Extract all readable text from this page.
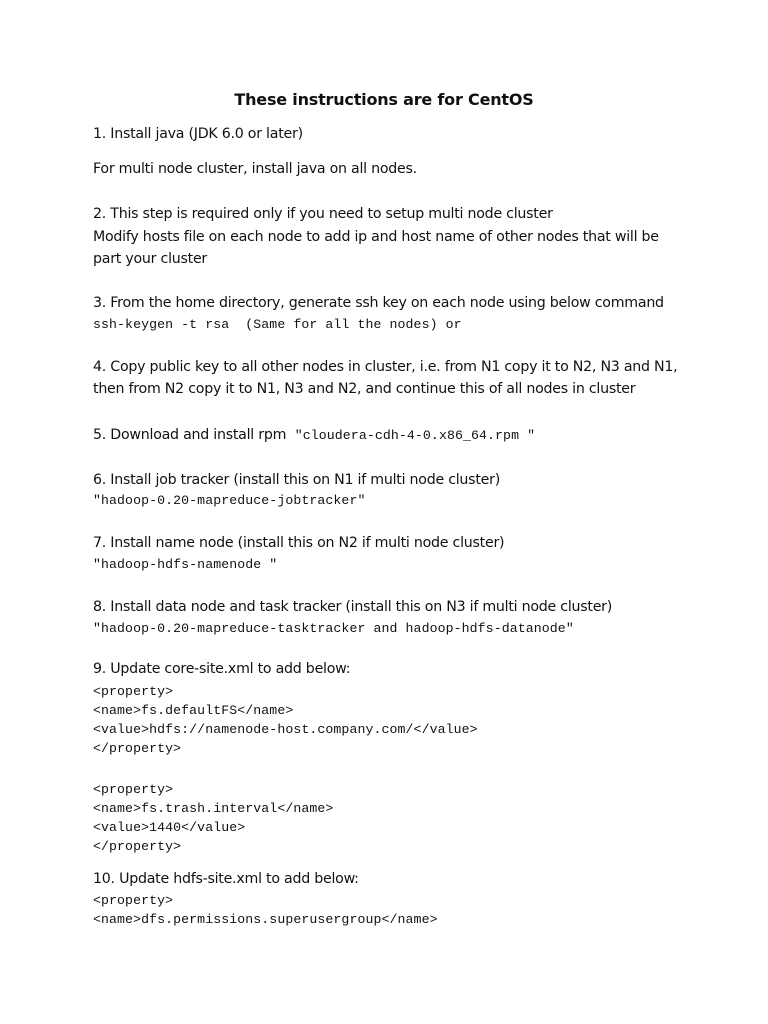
These instructions are for CentOS

1. Install java (JDK 6.0 or later)

For multi node cluster, install java on all nodes.

2. This step is required only if you need to setup multi node cluster

Modify hosts file on each node to add ip and host name of other nodes that will be

part your cluster

3. From the home directory, generate ssh key on each node using below command

ssh-keygen -t rsa  (Same for all the nodes) or

4. Copy public key to all other nodes in cluster, i.e. from N1 copy it to N2, N3 and N1,

then from N2 copy it to N1, N3 and N2, and continue this of all nodes in cluster

5. Download and install rpm "cloudera-cdh-4-0.x86_64.rpm "

6. Install job tracker (install this on N1 if multi node cluster)

"hadoop-0.20-mapreduce-jobtracker"

7. Install name node (install this on N2 if multi node cluster)

"hadoop-hdfs-namenode "

8. Install data node and task tracker (install this on N3 if multi node cluster)

"hadoop-0.20-mapreduce-tasktracker and hadoop-hdfs-datanode"

9. Update core-site.xml to add below:

<property>

<name>fs.defaultFS</name>

<value>hdfs://namenode-host.company.com/</value>

</property>

<property>

<name>fs.trash.interval</name>

<value>1440</value>

</property>

10. Update hdfs-site.xml to add below:

<property>

<name>dfs.permissions.superusergroup</name>
